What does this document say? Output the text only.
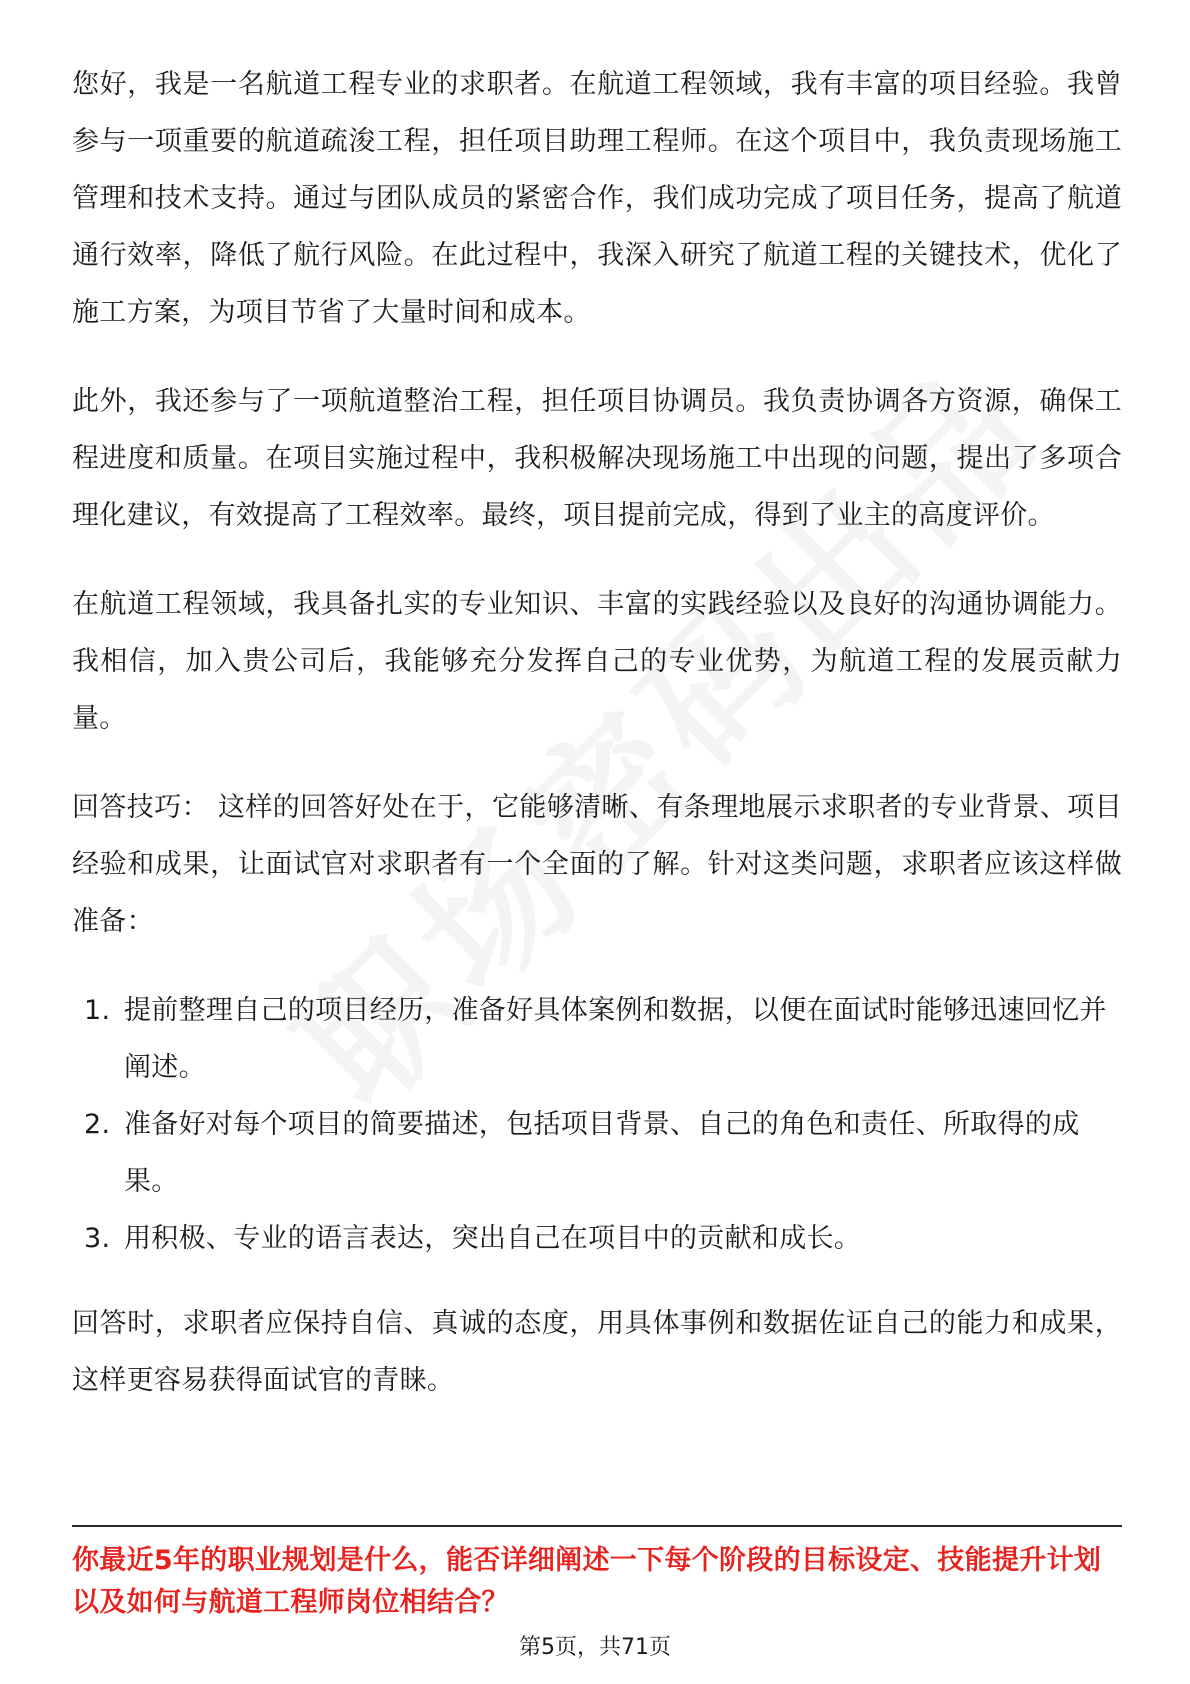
您好，我是一名航道工程专业的求职者。在航道工程领域，我有丰富的项目经验。我曾参与一项重要的航道疏浚工程，担任项目助理工程师。在这个项目中，我负责现场施工管理和技术支持。通过与团队成员的紧密合作，我们成功完成了项目任务，提高了航道通行效率，降低了航行风险。在此过程中，我深入研究了航道工程的关键技术，优化了施工方案，为项目节省了大量时间和成本。

此外，我还参与了一项航道整治工程，担任项目协调员。我负责协调各方资源，确保工程进度和质量。在项目实施过程中，我积极解决现场施工中出现的问题，提出了多项合理化建议，有效提高了工程效率。最终，项目提前完成，得到了业主的高度评价。

在航道工程领域，我具备扎实的专业知识、丰富的实践经验以及良好的沟通协调能力。我相信，加入贵公司后，我能够充分发挥自己的专业优势，为航道工程的发展贡献力量。

回答技巧： 这样的回答好处在于，它能够清晰、有条理地展示求职者的专业背景、项目经验和成果，让面试官对求职者有一个全面的了解。针对这类问题，求职者应该这样做准备：

1. 提前整理自己的项目经历，准备好具体案例和数据，以便在面试时能够迅速回忆并阐述。
2. 准备好对每个项目的简要描述，包括项目背景、自己的角色和责任、所取得的成果。
3. 用积极、专业的语言表达，突出自己在项目中的贡献和成长。

回答时，求职者应保持自信、真诚的态度，用具体事例和数据佐证自己的能力和成果，这样更容易获得面试官的青睐。

你最近5年的职业规划是什么，能否详细阐述一下每个阶段的目标设定、技能提升计划以及如何与航道工程师岗位相结合？
第5页，共71页
